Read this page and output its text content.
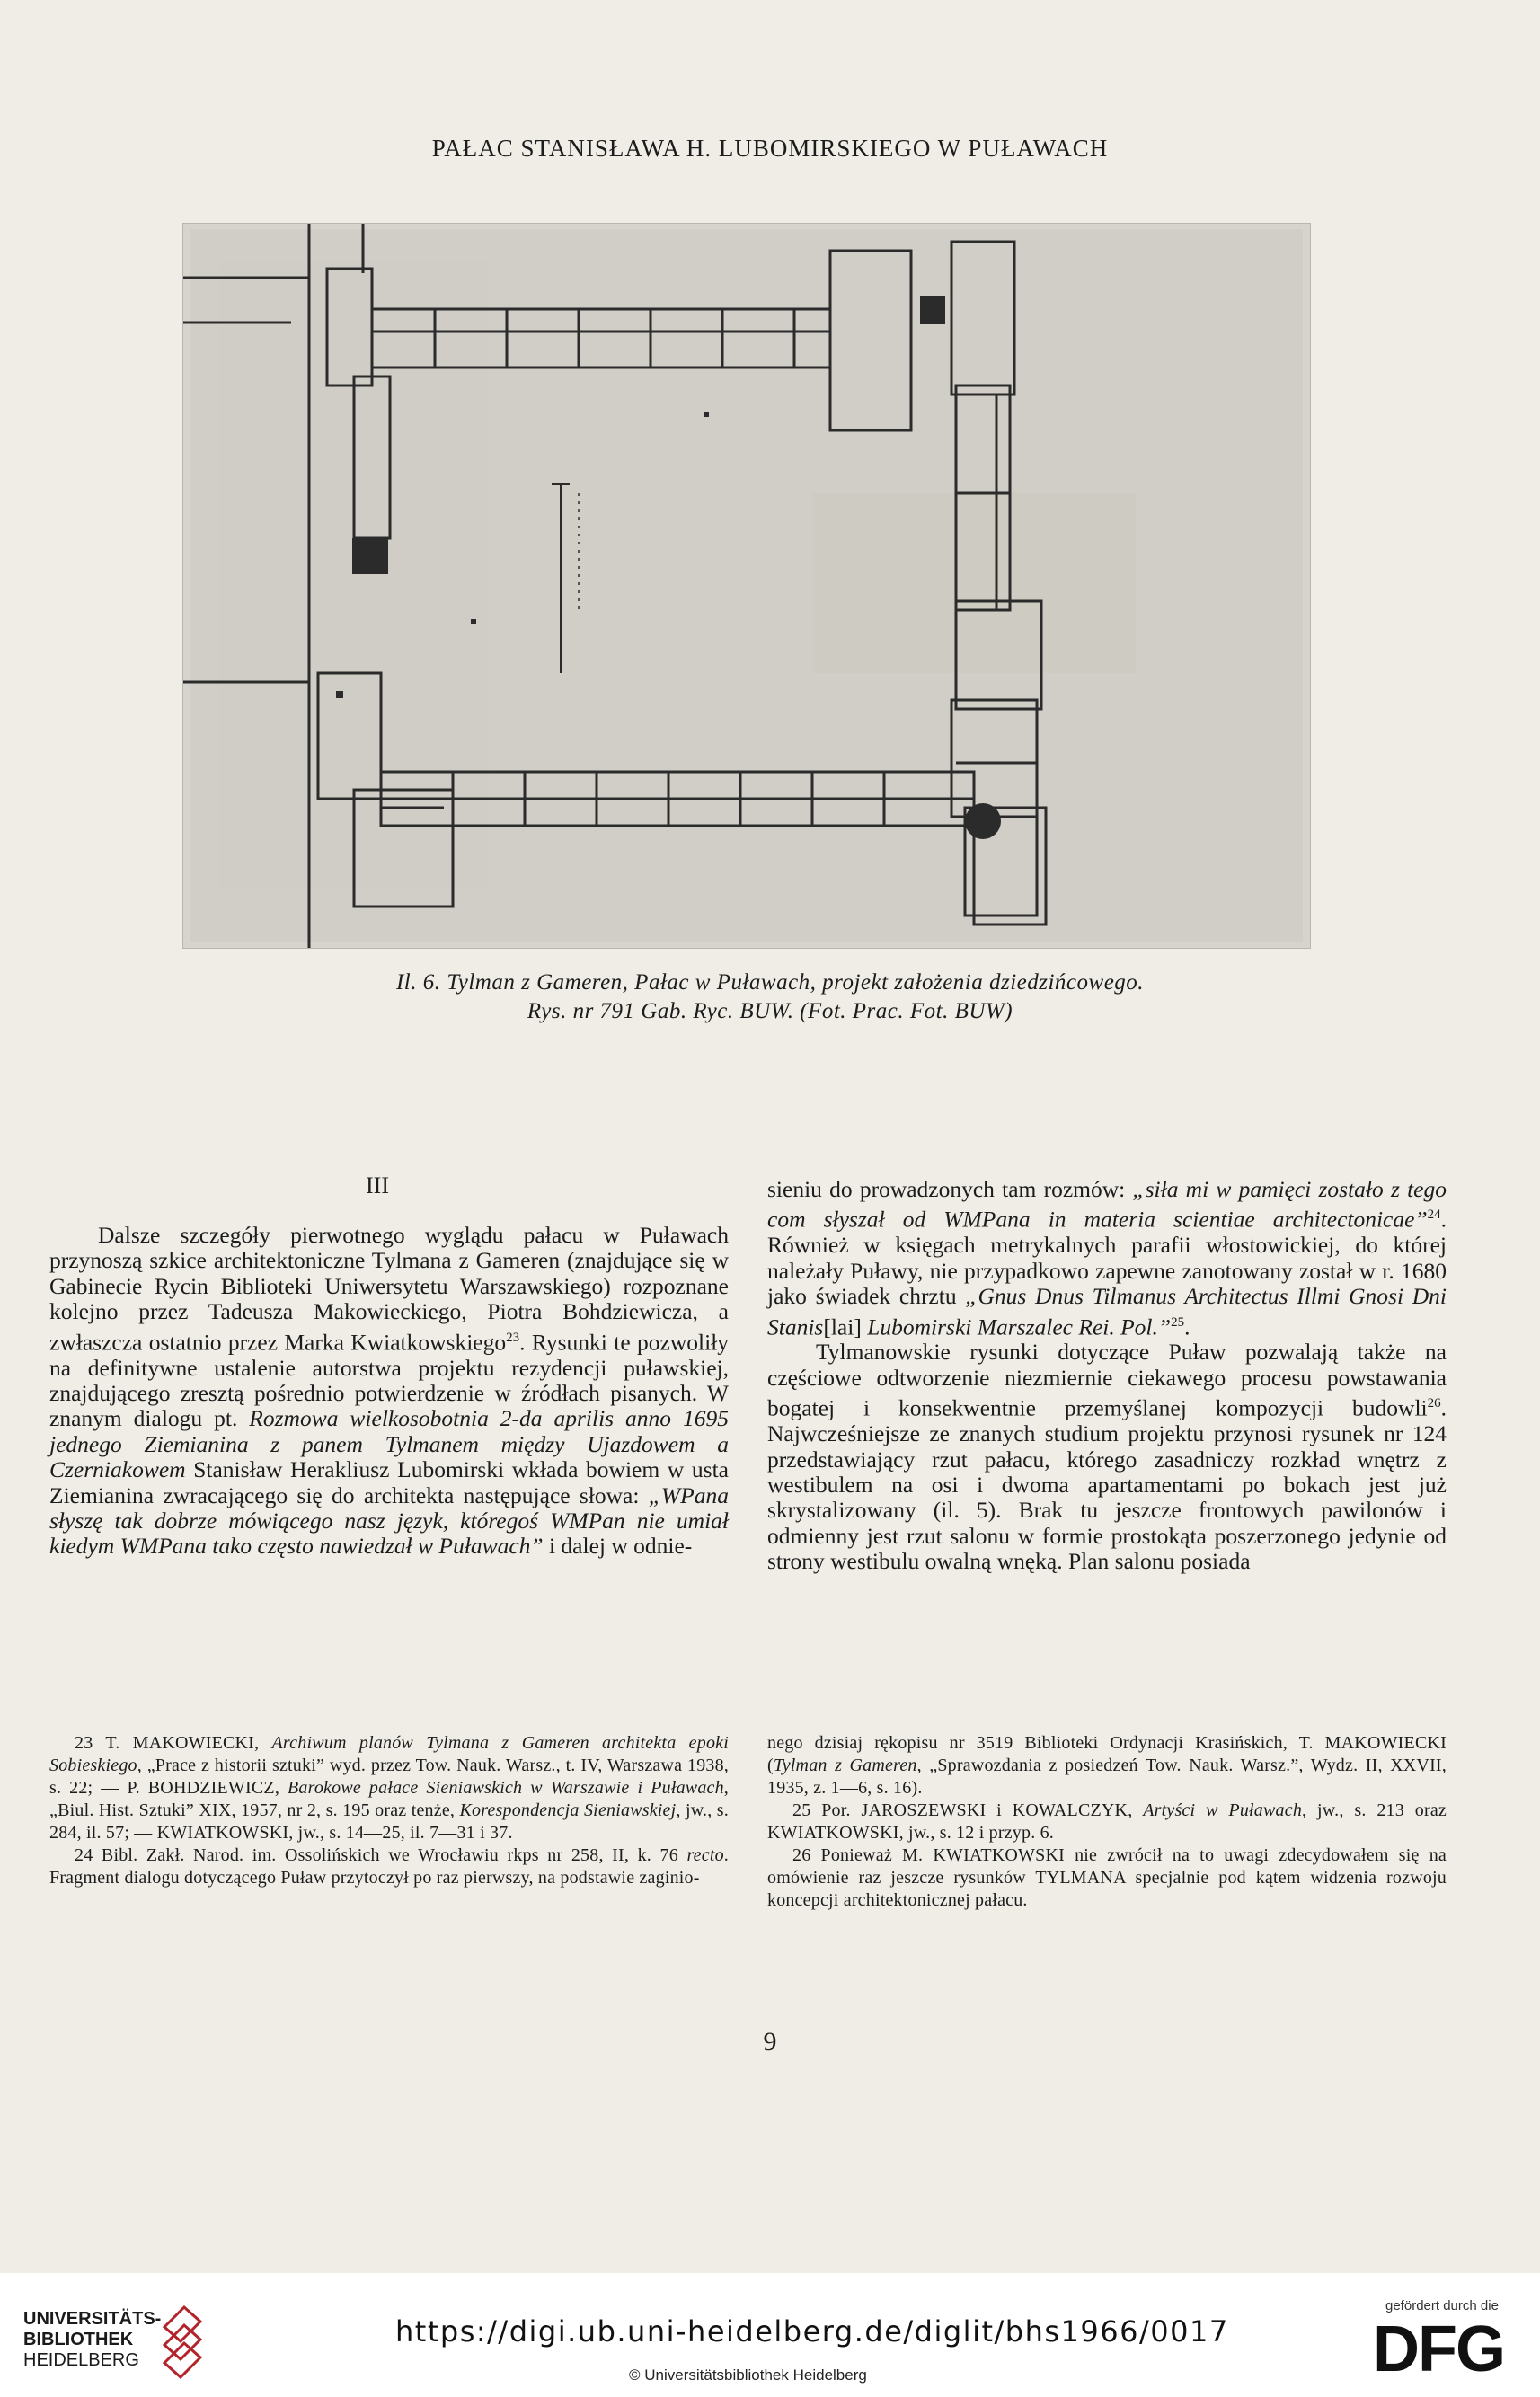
PAŁAC STANISŁAWA H. LUBOMIRSKIEGO W PUŁAWACH
Il. 6. Tylman z Gameren, Pałac w Puławach, projekt założenia dziedzińcowego.
Rys. nr 791 Gab. Ryc. BUW. (Fot. Prac. Fot. BUW)
III

Dalsze szczegóły pierwotnego wyglądu pałacu w Puławach przynoszą szkice architektoniczne Tylmana z Gameren (znajdujące się w Gabinecie Rycin Biblioteki Uniwersytetu Warszawskiego) rozpoznane kolejno przez Tadeusza Makowieckiego, Piotra Bohdziewicza, a zwłaszcza ostatnio przez Marka Kwiatkowskiego$^{23}$. Rysunki te pozwoliły na definitywne ustalenie autorstwa projektu rezydencji puławskiej, znajdującego zresztą pośrednio potwierdzenie w źródłach pisanych. W znanym dialogu pt. Rozmowa wielkosobotnia 2-da aprilis anno 1695 jednego Ziemianina z panem Tylmanem między Ujazdowem a Czerniakowem Stanisław Herakliusz Lubomirski wkłada bowiem w usta Ziemianina zwracającego się do architekta następujące słowa: „WPana słyszę tak dobrze mówiącego nasz język, któregoś WMPan nie umiał kiedym WMPana tako często nawiedzał w Puławach” i dalej w odnie-

sieniu do prowadzonych tam rozmów: „siła mi w pamięci zostało z tego com słyszał od WMPana in materia scientiae architectonicae”$^{24}$. Również w księgach metrykalnych parafii włostowickiej, do której należały Puławy, nie przypadkowo zapewne zanotowany został w r. 1680 jako świadek chrztu „Gnus Dnus Tilmanus Architectus Illmi Gnosi Dni Stanis[lai] Lubomirski Marszalec Rei. Pol.”$^{25}$.

Tylmanowskie rysunki dotyczące Puław pozwalają także na częściowe odtworzenie niezmiernie ciekawego procesu powstawania bogatej i konsekwentnie przemyślanej kompozycji budowli$^{26}$. Najwcześniejsze ze znanych studium projektu przynosi rysunek nr 124 przedstawiający rzut pałacu, którego zasadniczy rozkład wnętrz z westibulem na osi i dwoma apartamentami po bokach jest już skrystalizowany (il. 5). Brak tu jeszcze frontowych pawilonów i odmienny jest rzut salonu w formie prostokąta poszerzonego jedynie od strony westibulu owalną wnęką. Plan salonu posiada

23 T. MAKOWIECKI, Archiwum planów Tylmana z Gameren architekta epoki Sobieskiego, „Prace z historii sztuki” wyd. przez Tow. Nauk. Warsz., t. IV, Warszawa 1938, s. 22; — P. BOHDZIEWICZ, Barokowe pałace Sieniawskich w Warszawie i Puławach, „Biul. Hist. Sztuki” XIX, 1957, nr 2, s. 195 oraz tenże, Korespondencja Sieniawskiej, jw., s. 284, il. 57; — KWIATKOWSKI, jw., s. 14—25, il. 7—31 i 37.

24 Bibl. Zakł. Narod. im. Ossolińskich we Wrocławiu rkps nr 258, II, k. 76 recto. Fragment dialogu dotyczącego Puław przytoczył po raz pierwszy, na podstawie zaginio-

nego dzisiaj rękopisu nr 3519 Biblioteki Ordynacji Krasińskich, T. MAKOWIECKI (Tylman z Gameren, „Sprawozdania z posiedzeń Tow. Nauk. Warsz.”, Wydz. II, XXVII, 1935, z. 1—6, s. 16).

25 Por. JAROSZEWSKI i KOWALCZYK, Artyści w Puławach, jw., s. 213 oraz KWIATKOWSKI, jw., s. 12 i przyp. 6.

26 Ponieważ M. KWIATKOWSKI nie zwrócił na to uwagi zdecydowałem się na omówienie raz jeszcze rysunków TYLMANA specjalnie pod kątem widzenia rozwoju koncepcji architektonicznej pałacu.

9
UNIVERSITÄTS-
BIBLIOTHEK
HEIDELBERG
https://digi.ub.uni-heidelberg.de/diglit/bhs1966/0017
© Universitätsbibliothek Heidelberg
gefördert durch die
DFG
